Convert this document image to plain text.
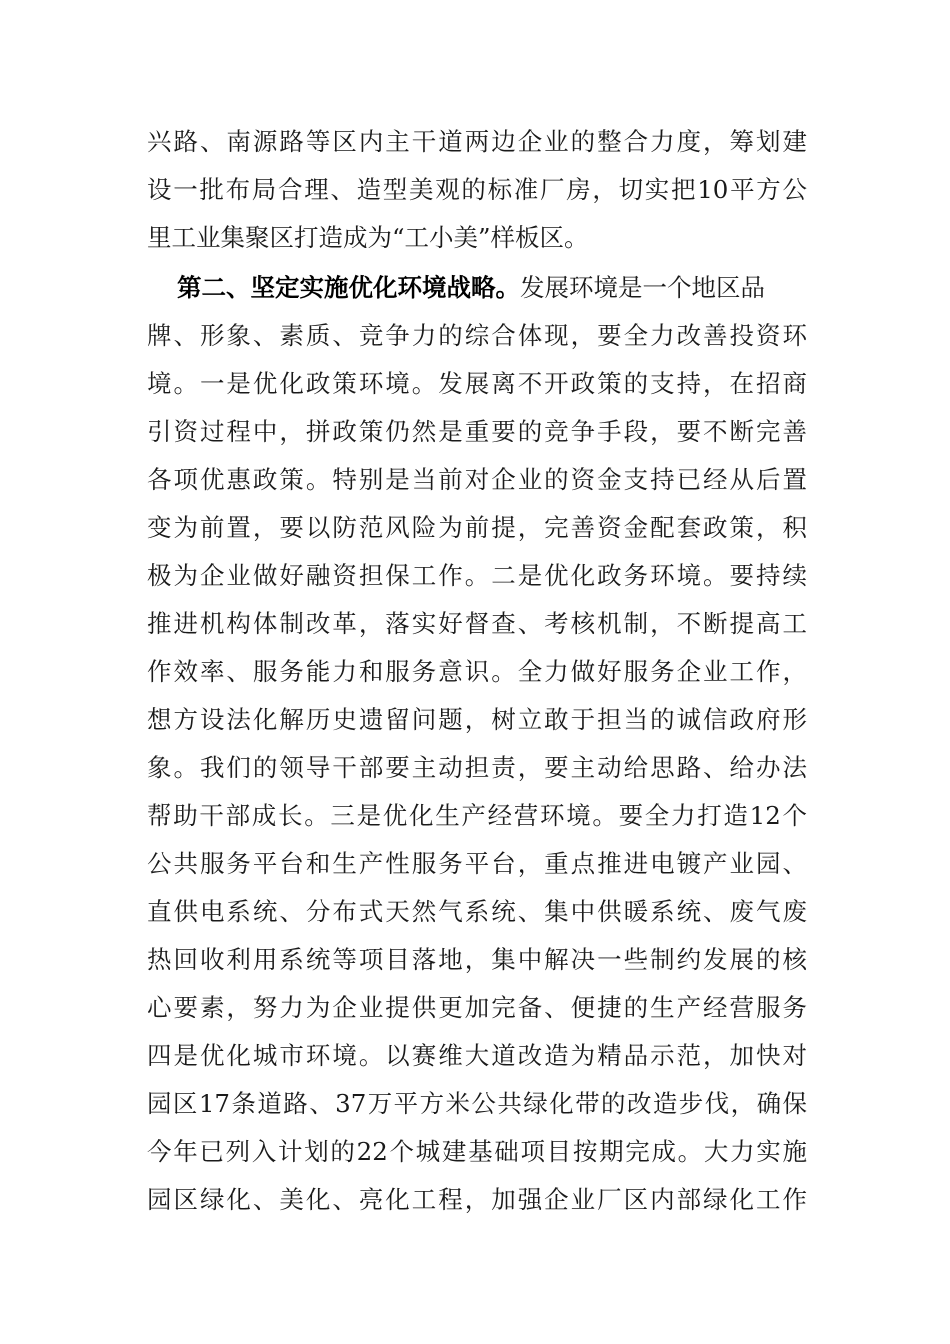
兴路、南源路等区内主干道两边企业的整合力度，筹划建
设一批布局合理、造型美观的标准厂房，切实把10平方公
里工业集聚区打造成为“工小美”样板区。
第二、坚定实施优化环境战略。发展环境是一个地区品
牌、形象、素质、竞争力的综合体现，要全力改善投资环
境。一是优化政策环境。发展离不开政策的支持，在招商
引资过程中，拼政策仍然是重要的竞争手段，要不断完善
各项优惠政策。特别是当前对企业的资金支持已经从后置
变为前置，要以防范风险为前提，完善资金配套政策，积
极为企业做好融资担保工作。二是优化政务环境。要持续
推进机构体制改革，落实好督查、考核机制，不断提高工
作效率、服务能力和服务意识。全力做好服务企业工作，
想方设法化解历史遗留问题，树立敢于担当的诚信政府形
象。我们的领导干部要主动担责，要主动给思路、给办法
帮助干部成长。三是优化生产经营环境。要全力打造12个
公共服务平台和生产性服务平台，重点推进电镀产业园、
直供电系统、分布式天然气系统、集中供暖系统、废气废
热回收利用系统等项目落地，集中解决一些制约发展的核
心要素，努力为企业提供更加完备、便捷的生产经营服务
四是优化城市环境。以赛维大道改造为精品示范，加快对
园区17条道路、37万平方米公共绿化带的改造步伐，确保
今年已列入计划的22个城建基础项目按期完成。大力实施
园区绿化、美化、亮化工程，加强企业厂区内部绿化工作
